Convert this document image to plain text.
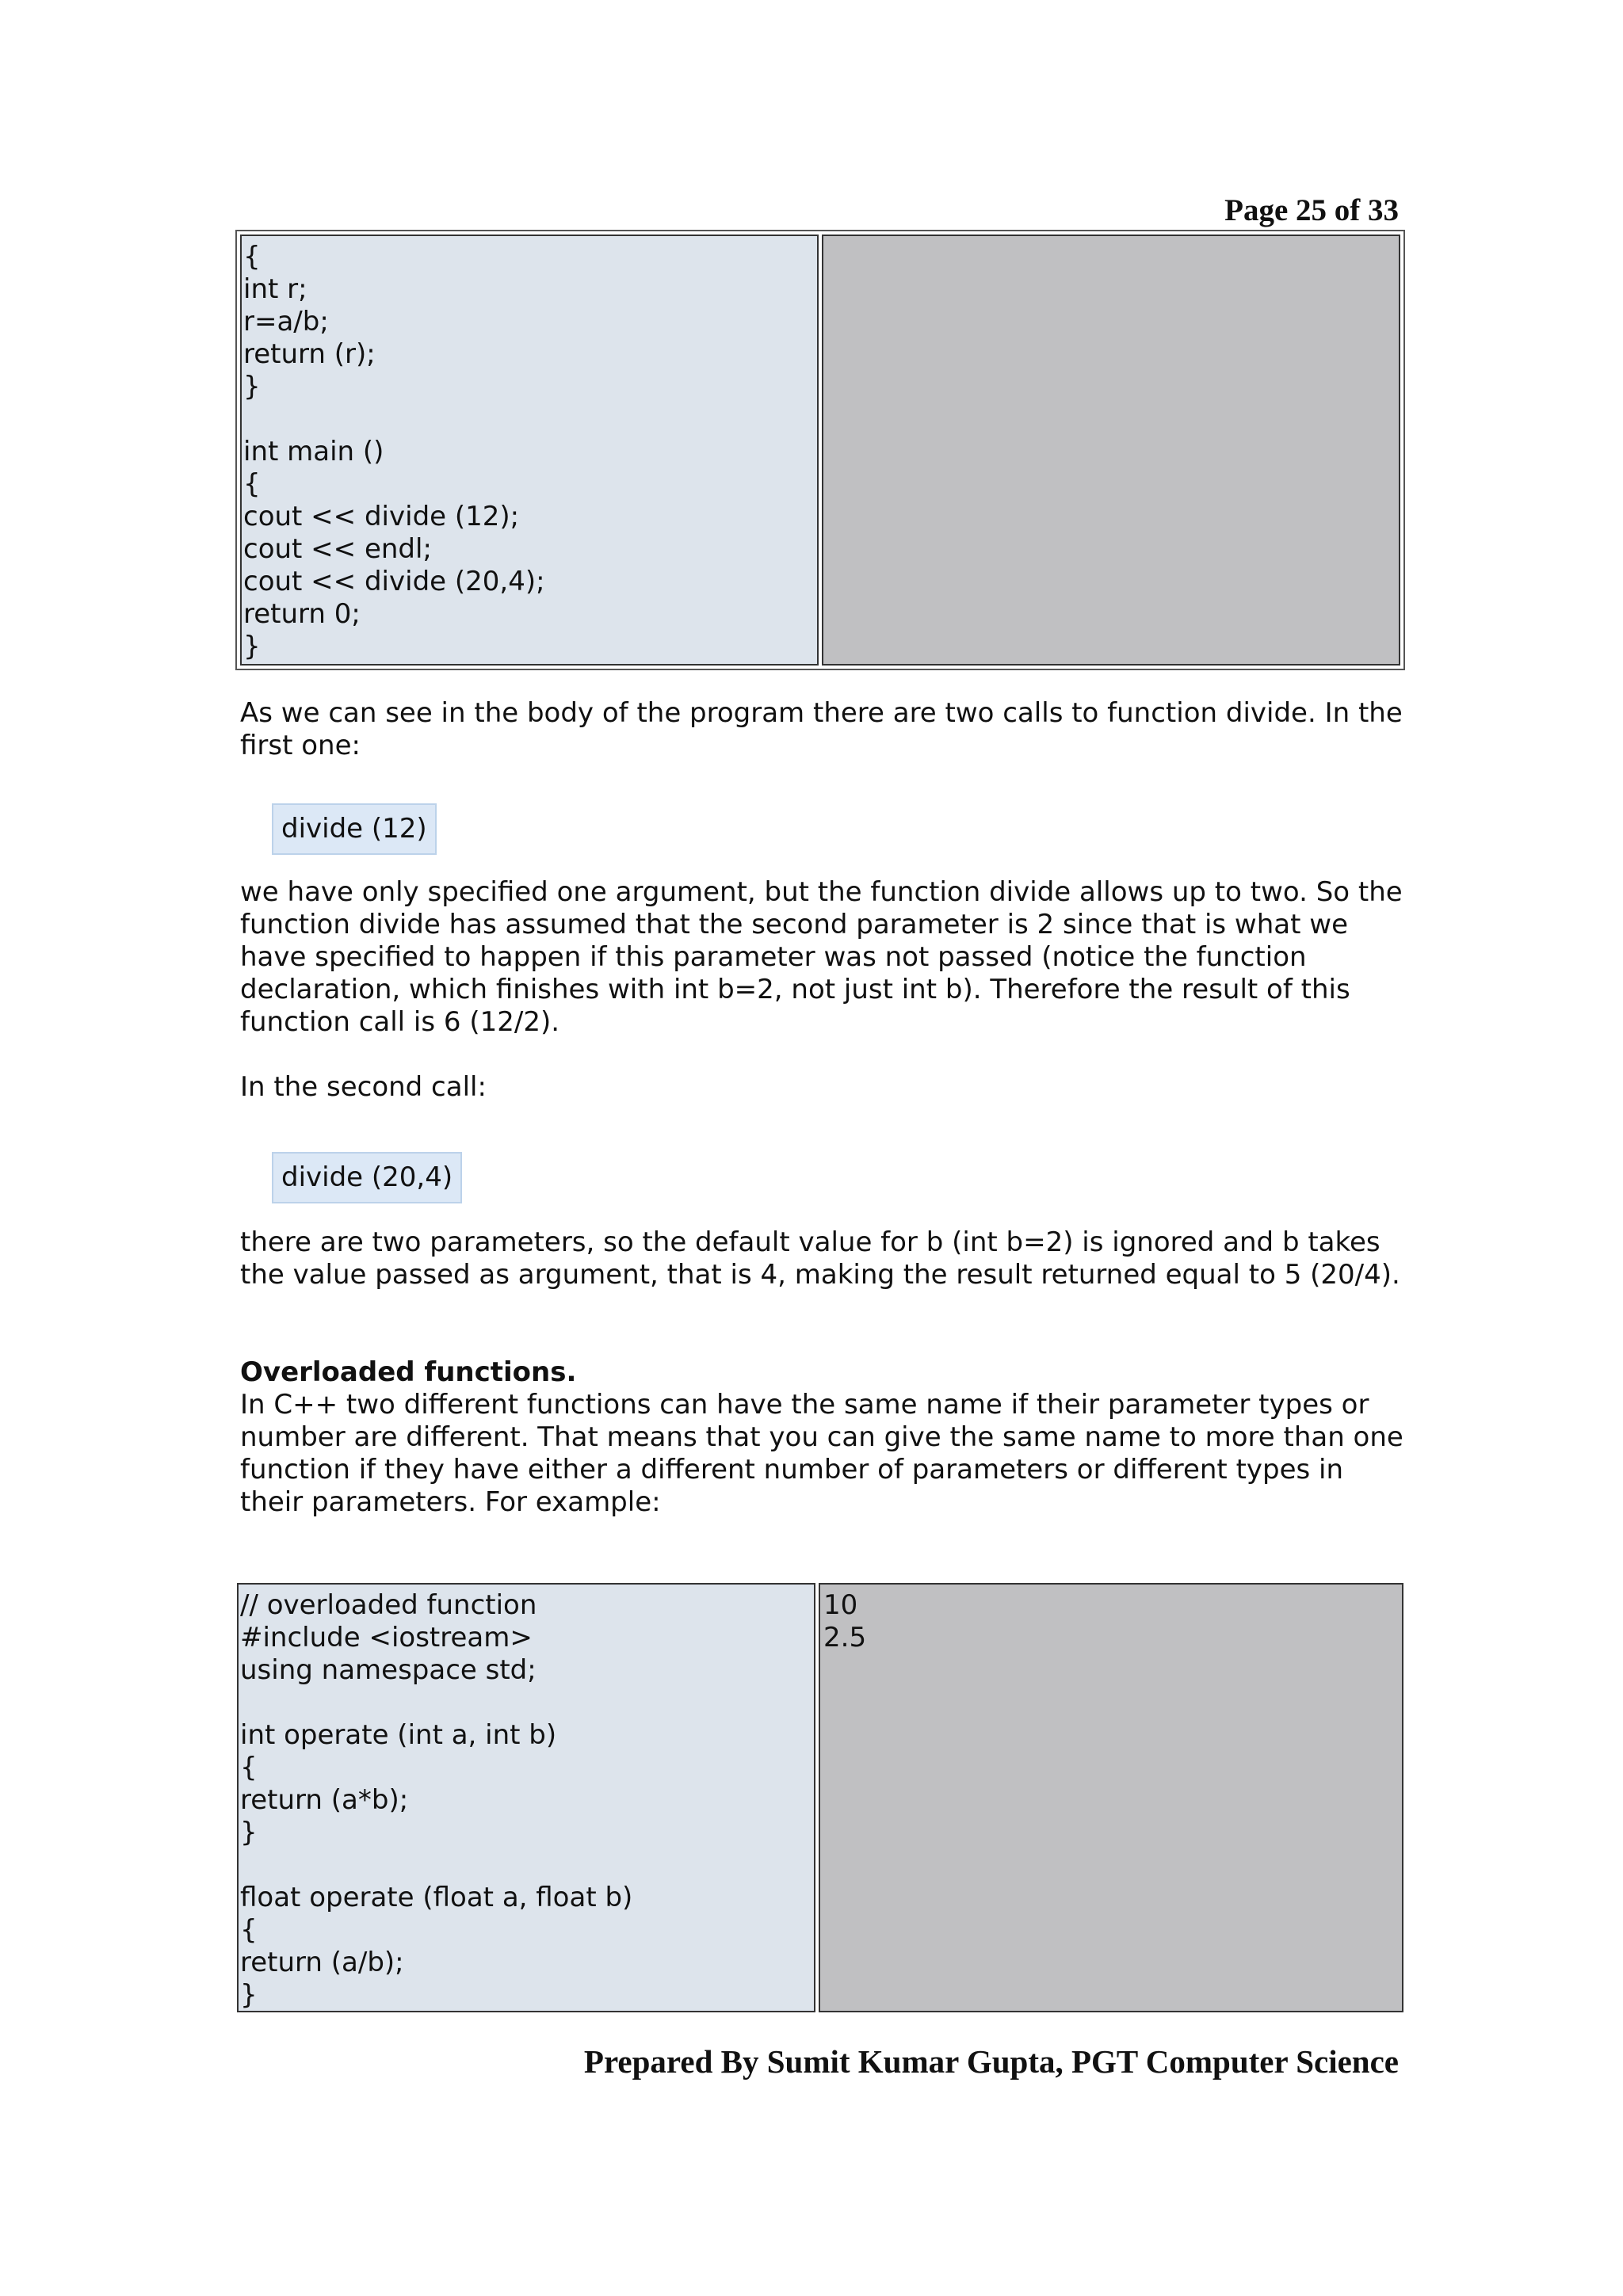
Page 25 of 33
{
int r;
r=a/b;
return (r);
}
int main ()
{
cout << divide (12);
cout << endl;
cout << divide (20,4);
return 0;
}

As we can see in the body of the program there are two calls to function divide. In the first one:

divide (12)

we have only specified one argument, but the function divide allows up to two. So the function divide has assumed that the second parameter is 2 since that is what we have specified to happen if this parameter was not passed (notice the function declaration, which finishes with int b=2, not just int b). Therefore the result of this function call is 6 (12/2).

In the second call:

divide (20,4)

there are two parameters, so the default value for b (int b=2) is ignored and b takes the value passed as argument, that is 4, making the result returned equal to 5 (20/4).

Overloaded functions.

In C++ two different functions can have the same name if their parameter types or number are different. That means that you can give the same name to more than one function if they have either a different number of parameters or different types in their parameters. For example:

// overloaded function
#include <iostream>
using namespace std;
int operate (int a, int b)
{
return (a*b);
}
float operate (float a, float b)
{
return (a/b);
}
10
2.5
Prepared By Sumit Kumar Gupta, PGT Computer Science
